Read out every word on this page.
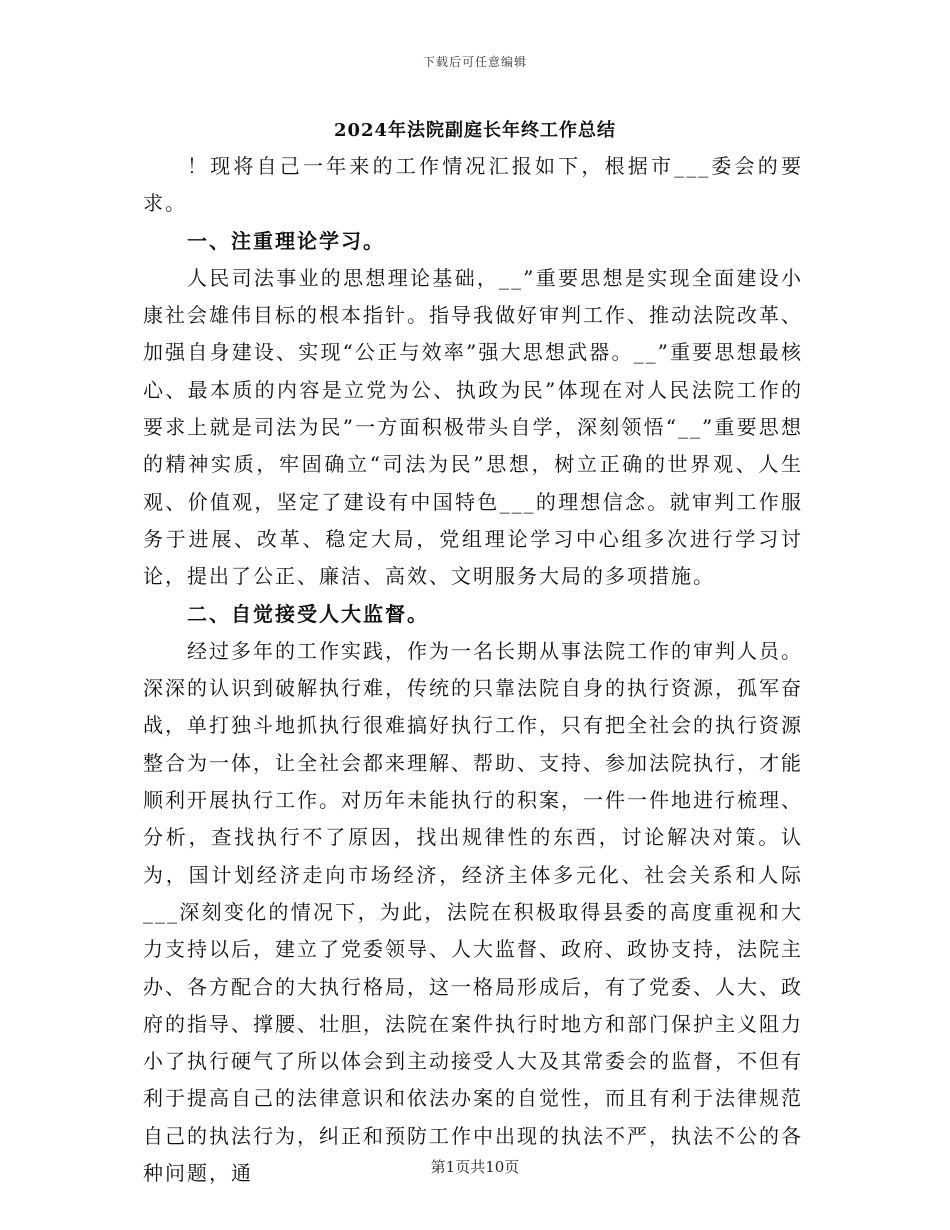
下载后可任意编辑
2024年法院副庭长年终工作总结

！现将自己一年来的工作情况汇报如下，根据市___委会的要求。

一、注重理论学习。

人民司法事业的思想理论基础，__”重要思想是实现全面建设小康社会雄伟目标的根本指针。指导我做好审判工作、推动法院改革、加强自身建设、实现“公正与效率”强大思想武器。__”重要思想最核心、最本质的内容是立党为公、执政为民”体现在对人民法院工作的要求上就是司法为民”一方面积极带头自学，深刻领悟“__”重要思想的精神实质，牢固确立“司法为民”思想，树立正确的世界观、人生观、价值观，坚定了建设有中国特色___的理想信念。就审判工作服务于进展、改革、稳定大局，党组理论学习中心组多次进行学习讨论，提出了公正、廉洁、高效、文明服务大局的多项措施。

二、自觉接受人大监督。

经过多年的工作实践，作为一名长期从事法院工作的审判人员。深深的认识到破解执行难，传统的只靠法院自身的执行资源，孤军奋战，单打独斗地抓执行很难搞好执行工作，只有把全社会的执行资源整合为一体，让全社会都来理解、帮助、支持、参加法院执行，才能顺利开展执行工作。对历年未能执行的积案，一件一件地进行梳理、分析，查找执行不了原因，找出规律性的东西，讨论解决对策。认为，国计划经济走向市场经济，经济主体多元化、社会关系和人际___深刻变化的情况下，为此，法院在积极取得县委的高度重视和大力支持以后，建立了党委领导、人大监督、政府、政协支持，法院主办、各方配合的大执行格局，这一格局形成后，有了党委、人大、政府的指导、撑腰、壮胆，法院在案件执行时地方和部门保护主义阻力小了执行硬气了所以体会到主动接受人大及其常委会的监督，不但有利于提高自己的法律意识和依法办案的自觉性，而且有利于法律规范自己的执法行为，纠正和预防工作中出现的执法不严，执法不公的各种问题，通	第1页共10页
